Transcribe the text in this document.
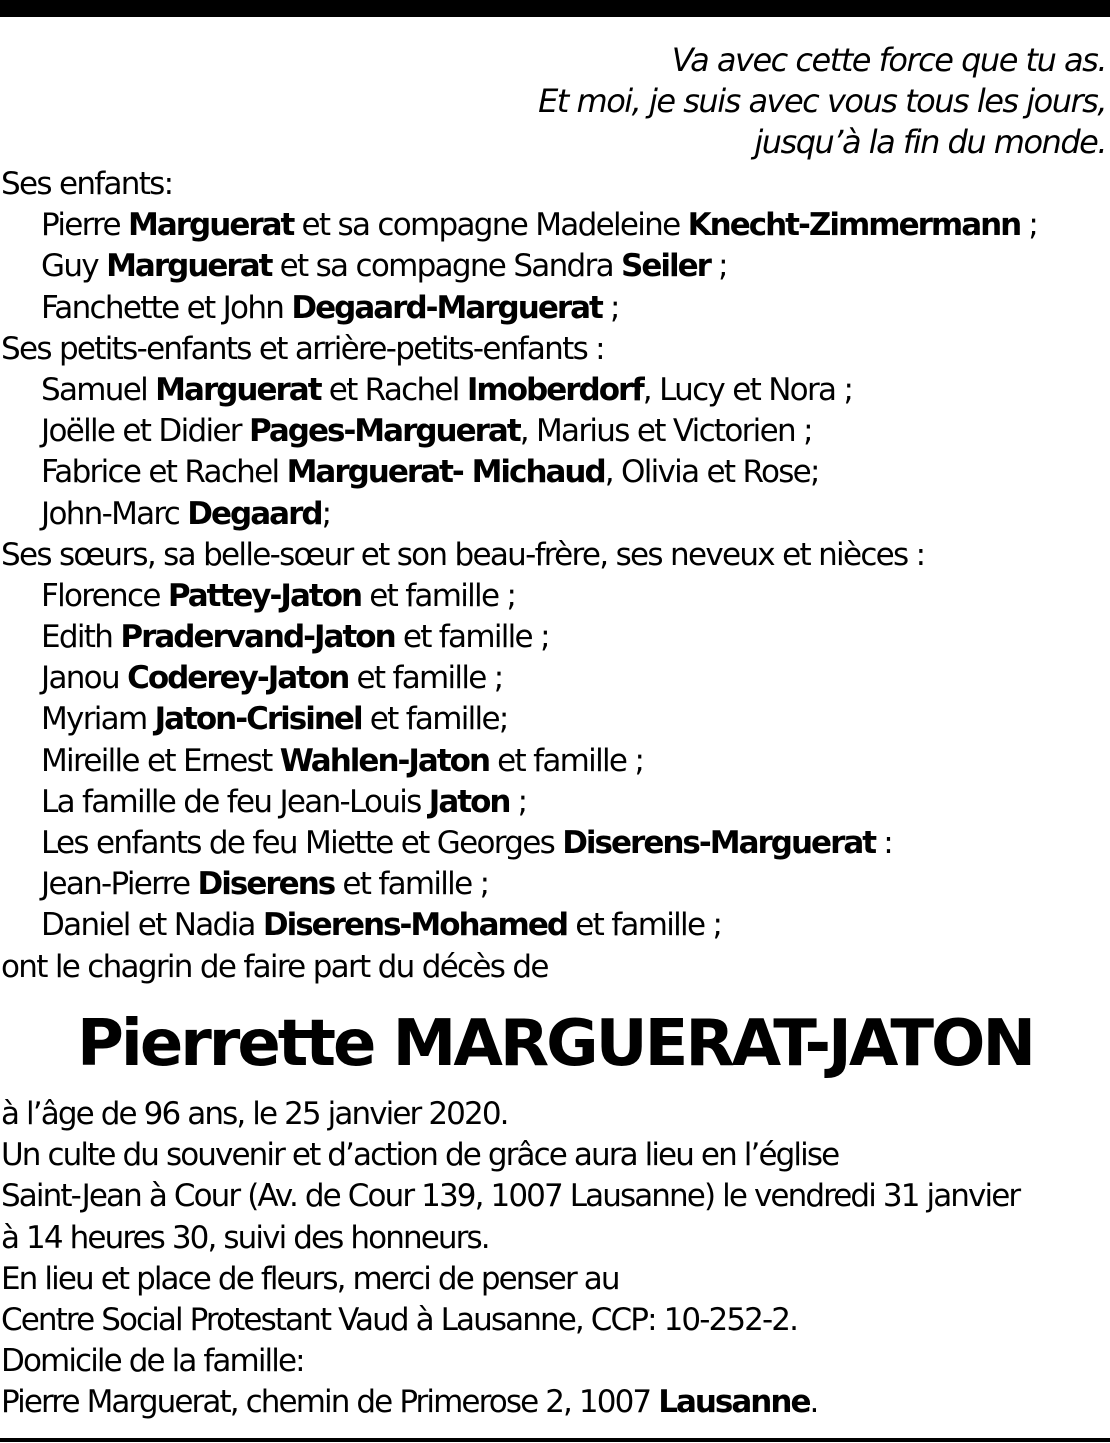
Va avec cette force que tu as.
Et moi, je suis avec vous tous les jours,
jusqu’à la fin du monde.
Ses enfants:
Pierre Marguerat et sa compagne Madeleine Knecht-Zimmermann ;
Guy Marguerat et sa compagne Sandra Seiler ;
Fanchette et John Degaard-Marguerat ;
Ses petits-enfants et arrière-petits-enfants :
Samuel Marguerat et Rachel Imoberdorf, Lucy et Nora ;
Joëlle et Didier Pages-Marguerat, Marius et Victorien ;
Fabrice et Rachel Marguerat- Michaud, Olivia et Rose;
John-Marc Degaard;
Ses sœurs, sa belle-sœur et son beau-frère, ses neveux et nièces :
Florence Pattey-Jaton et famille ;
Edith Pradervand-Jaton et famille ;
Janou Coderey-Jaton et famille ;
Myriam Jaton-Crisinel et famille;
Mireille et Ernest Wahlen-Jaton et famille ;
La famille de feu Jean-Louis Jaton ;
Les enfants de feu Miette et Georges Diserens-Marguerat :
Jean-Pierre Diserens et famille ;
Daniel et Nadia Diserens-Mohamed et famille ;
ont le chagrin de faire part du décès de
Pierrette MARGUERAT-JATON
à l’âge de 96 ans, le 25 janvier 2020.
Un culte du souvenir et d’action de grâce aura lieu en l’église
Saint-Jean à Cour (Av. de Cour 139, 1007 Lausanne) le vendredi 31 janvier
à 14 heures 30, suivi des honneurs.
En lieu et place de fleurs, merci de penser au
Centre Social Protestant Vaud à Lausanne, CCP: 10-252-2.
Domicile de la famille:
Pierre Marguerat, chemin de Primerose 2, 1007 Lausanne.
